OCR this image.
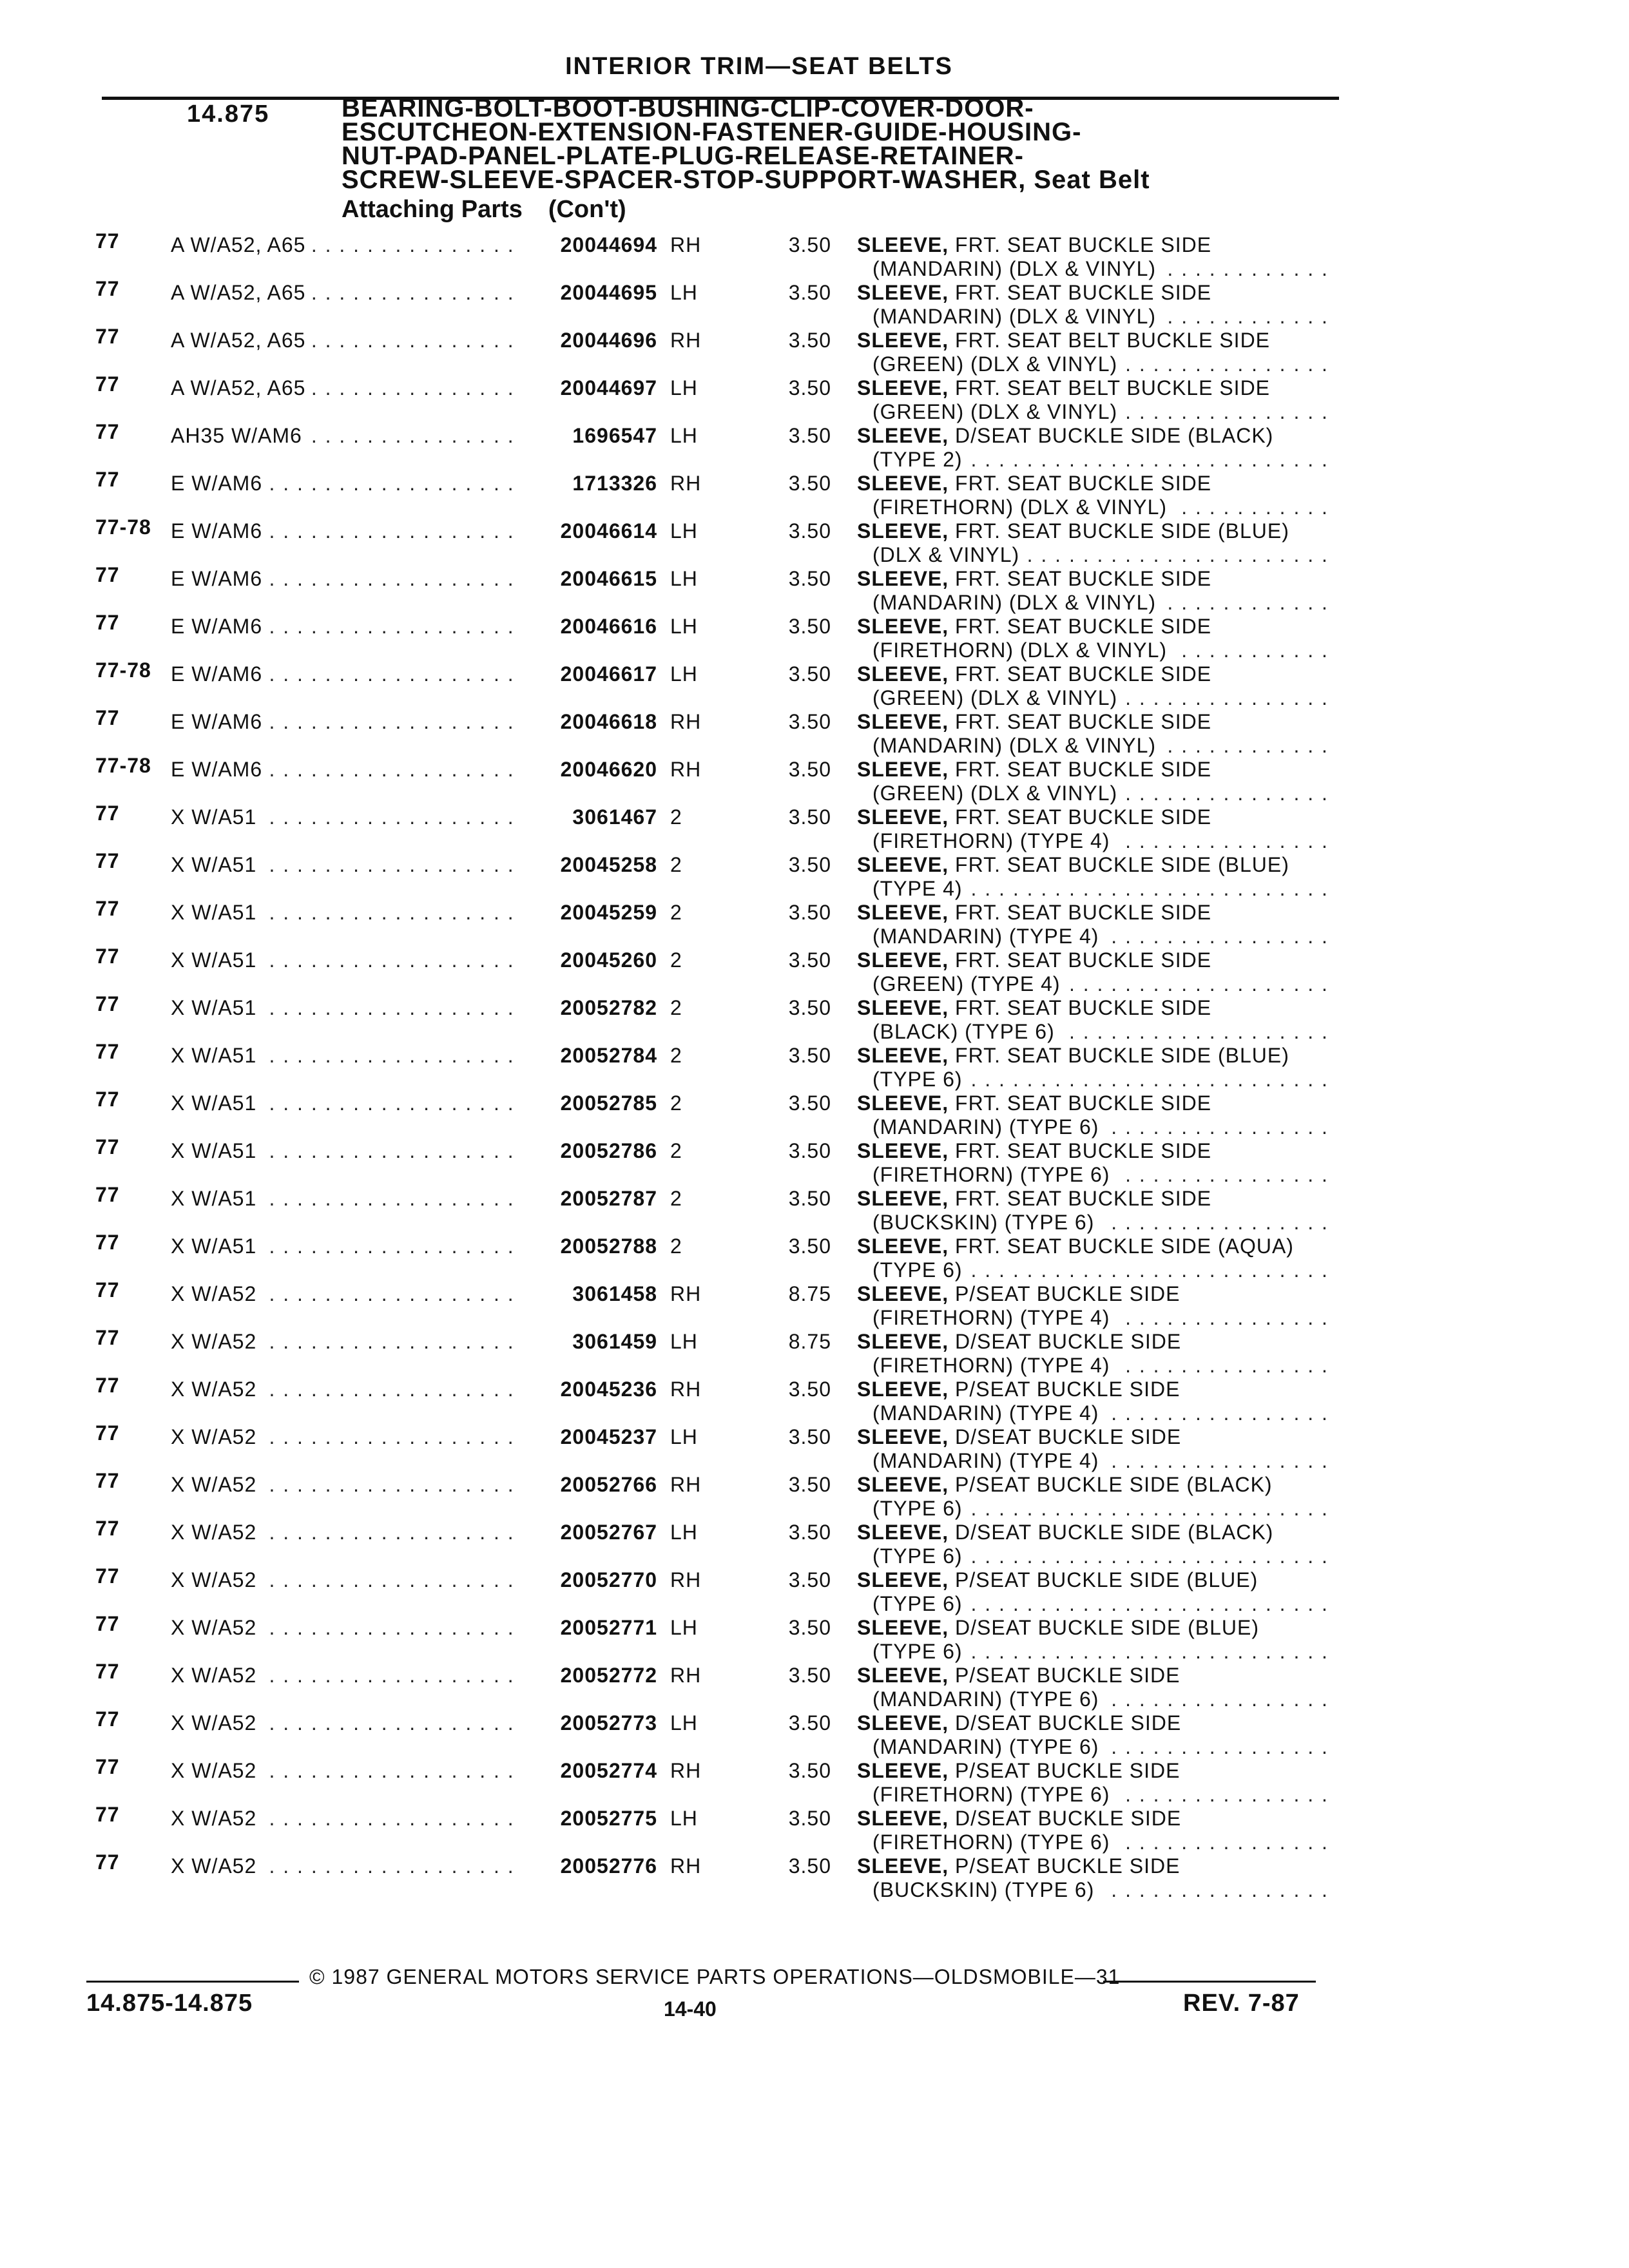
INTERIOR TRIM—SEAT BELTS
14.875	BEARING-BOLT-BOOT-BUSHING-CLIP-COVER-DOOR-
ESCUTCHEON-EXTENSION-FASTENER-GUIDE-HOUSING-
NUT-PAD-PANEL-PLATE-PLUG-RELEASE-RETAINER-
SCREW-SLEEVE-SPACER-STOP-SUPPORT-WASHER, Seat Belt
Attaching Parts (Con't)
77 A W/A52, A65 . . .	20044694 RH	3.50 SLEEVE, FRT. SEAT BUCKLE SIDE
(MANDARIN) (DLX & VINYL) . . .
77 A W/A52, A65 . . .	20044695 LH	3.50 SLEEVE, FRT. SEAT BUCKLE SIDE
(MANDARIN) (DLX & VINYL) . . .
77 A W/A52, A65 . . .	20044696 RH	3.50 SLEEVE, FRT. SEAT BELT BUCKLE SIDE
(GREEN) (DLX & VINYL) . . .
77 A W/A52, A65 . . .	20044697 LH	3.50 SLEEVE, FRT. SEAT BELT BUCKLE SIDE
(GREEN) (DLX & VINYL) . . .
77 AH35 W/AM6 . . .	1696547 LH	3.50 SLEEVE, D/SEAT BUCKLE SIDE (BLACK)
(TYPE 2) . . .
77 E W/AM6 . . .	1713326 RH	3.50 SLEEVE, FRT. SEAT BUCKLE SIDE
(FIRETHORN) (DLX & VINYL) . . .
77-78 E W/AM6 . . .	20046614 LH	3.50 SLEEVE, FRT. SEAT BUCKLE SIDE (BLUE)
(DLX & VINYL) . . .
77 E W/AM6 . . .	20046615 LH	3.50 SLEEVE, FRT. SEAT BUCKLE SIDE
(MANDARIN) (DLX & VINYL) . . .
77 E W/AM6 . . .	20046616 LH	3.50 SLEEVE, FRT. SEAT BUCKLE SIDE
(FIRETHORN) (DLX & VINYL) . . .
77-78 E W/AM6 . . .	20046617 LH	3.50 SLEEVE, FRT. SEAT BUCKLE SIDE
(GREEN) (DLX & VINYL) . . .
77 E W/AM6 . . .	20046618 RH	3.50 SLEEVE, FRT. SEAT BUCKLE SIDE
(MANDARIN) (DLX & VINYL) . . .
77-78 E W/AM6 . . .	20046620 RH	3.50 SLEEVE, FRT. SEAT BUCKLE SIDE
(GREEN) (DLX & VINYL) . . .
77 X W/A51 . . .	3061467 2	3.50 SLEEVE, FRT. SEAT BUCKLE SIDE
(FIRETHORN) (TYPE 4) . . .
77 X W/A51 . . .	20045258 2	3.50 SLEEVE, FRT. SEAT BUCKLE SIDE (BLUE)
(TYPE 4) . . .
77 X W/A51 . . .	20045259 2	3.50 SLEEVE, FRT. SEAT BUCKLE SIDE
(MANDARIN) (TYPE 4) . . .
77 X W/A51 . . .	20045260 2	3.50 SLEEVE, FRT. SEAT BUCKLE SIDE
(GREEN) (TYPE 4) . . .
77 X W/A51 . . .	20052782 2	3.50 SLEEVE, FRT. SEAT BUCKLE SIDE
(BLACK) (TYPE 6) . . .
77 X W/A51 . . .	20052784 2	3.50 SLEEVE, FRT. SEAT BUCKLE SIDE (BLUE)
(TYPE 6) . . .
77 X W/A51 . . .	20052785 2	3.50 SLEEVE, FRT. SEAT BUCKLE SIDE
(MANDARIN) (TYPE 6) . . .
77 X W/A51 . . .	20052786 2	3.50 SLEEVE, FRT. SEAT BUCKLE SIDE
(FIRETHORN) (TYPE 6) . . .
77 X W/A51 . . .	20052787 2	3.50 SLEEVE, FRT. SEAT BUCKLE SIDE
(BUCKSKIN) (TYPE 6) . . .
77 X W/A51 . . .	20052788 2	3.50 SLEEVE, FRT. SEAT BUCKLE SIDE (AQUA)
(TYPE 6) . . .
77 X W/A52 . . .	3061458 RH	8.75 SLEEVE, P/SEAT BUCKLE SIDE
(FIRETHORN) (TYPE 4) . . .
77 X W/A52 . . .	3061459 LH	8.75 SLEEVE, D/SEAT BUCKLE SIDE
(FIRETHORN) (TYPE 4) . . .
77 X W/A52 . . .	20045236 RH	3.50 SLEEVE, P/SEAT BUCKLE SIDE
(MANDARIN) (TYPE 4) . . .
77 X W/A52 . . .	20045237 LH	3.50 SLEEVE, D/SEAT BUCKLE SIDE
(MANDARIN) (TYPE 4) . . .
77 X W/A52 . . .	20052766 RH	3.50 SLEEVE, P/SEAT BUCKLE SIDE (BLACK)
(TYPE 6) . . .
77 X W/A52 . . .	20052767 LH	3.50 SLEEVE, D/SEAT BUCKLE SIDE (BLACK)
(TYPE 6) . . .
77 X W/A52 . . .	20052770 RH	3.50 SLEEVE, P/SEAT BUCKLE SIDE (BLUE)
(TYPE 6) . . .
77 X W/A52 . . .	20052771 LH	3.50 SLEEVE, D/SEAT BUCKLE SIDE (BLUE)
(TYPE 6) . . .
77 X W/A52 . . .	20052772 RH	3.50 SLEEVE, P/SEAT BUCKLE SIDE
(MANDARIN) (TYPE 6) . . .
77 X W/A52 . . .	20052773 LH	3.50 SLEEVE, D/SEAT BUCKLE SIDE
(MANDARIN) (TYPE 6) . . .
77 X W/A52 . . .	20052774 RH	3.50 SLEEVE, P/SEAT BUCKLE SIDE
(FIRETHORN) (TYPE 6) . . .
77 X W/A52 . . .	20052775 LH	3.50 SLEEVE, D/SEAT BUCKLE SIDE
(FIRETHORN) (TYPE 6) . . .
77 X W/A52 . . .	20052776 RH	3.50 SLEEVE, P/SEAT BUCKLE SIDE
(BUCKSKIN) (TYPE 6) . . .
© 1987 GENERAL MOTORS SERVICE PARTS OPERATIONS—OLDSMOBILE—31
14.875-14.875	14-40	REV. 7-87
